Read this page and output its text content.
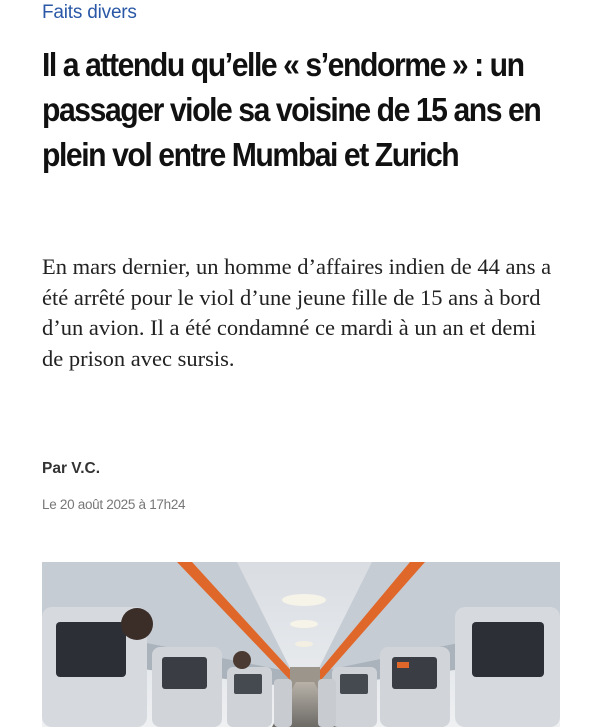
Faits divers
Il a attendu qu’elle « s’endorme » : un passager viole sa voisine de 15 ans en plein vol entre Mumbai et Zurich

En mars dernier, un homme d’affaires indien de 44 ans a été arrêté pour le viol d’une jeune fille de 15 ans à bord d’un avion. Il a été condamné ce mardi à un an et demi de prison avec sursis.

Par V.C.
Le 20 août 2025 à 17h24
